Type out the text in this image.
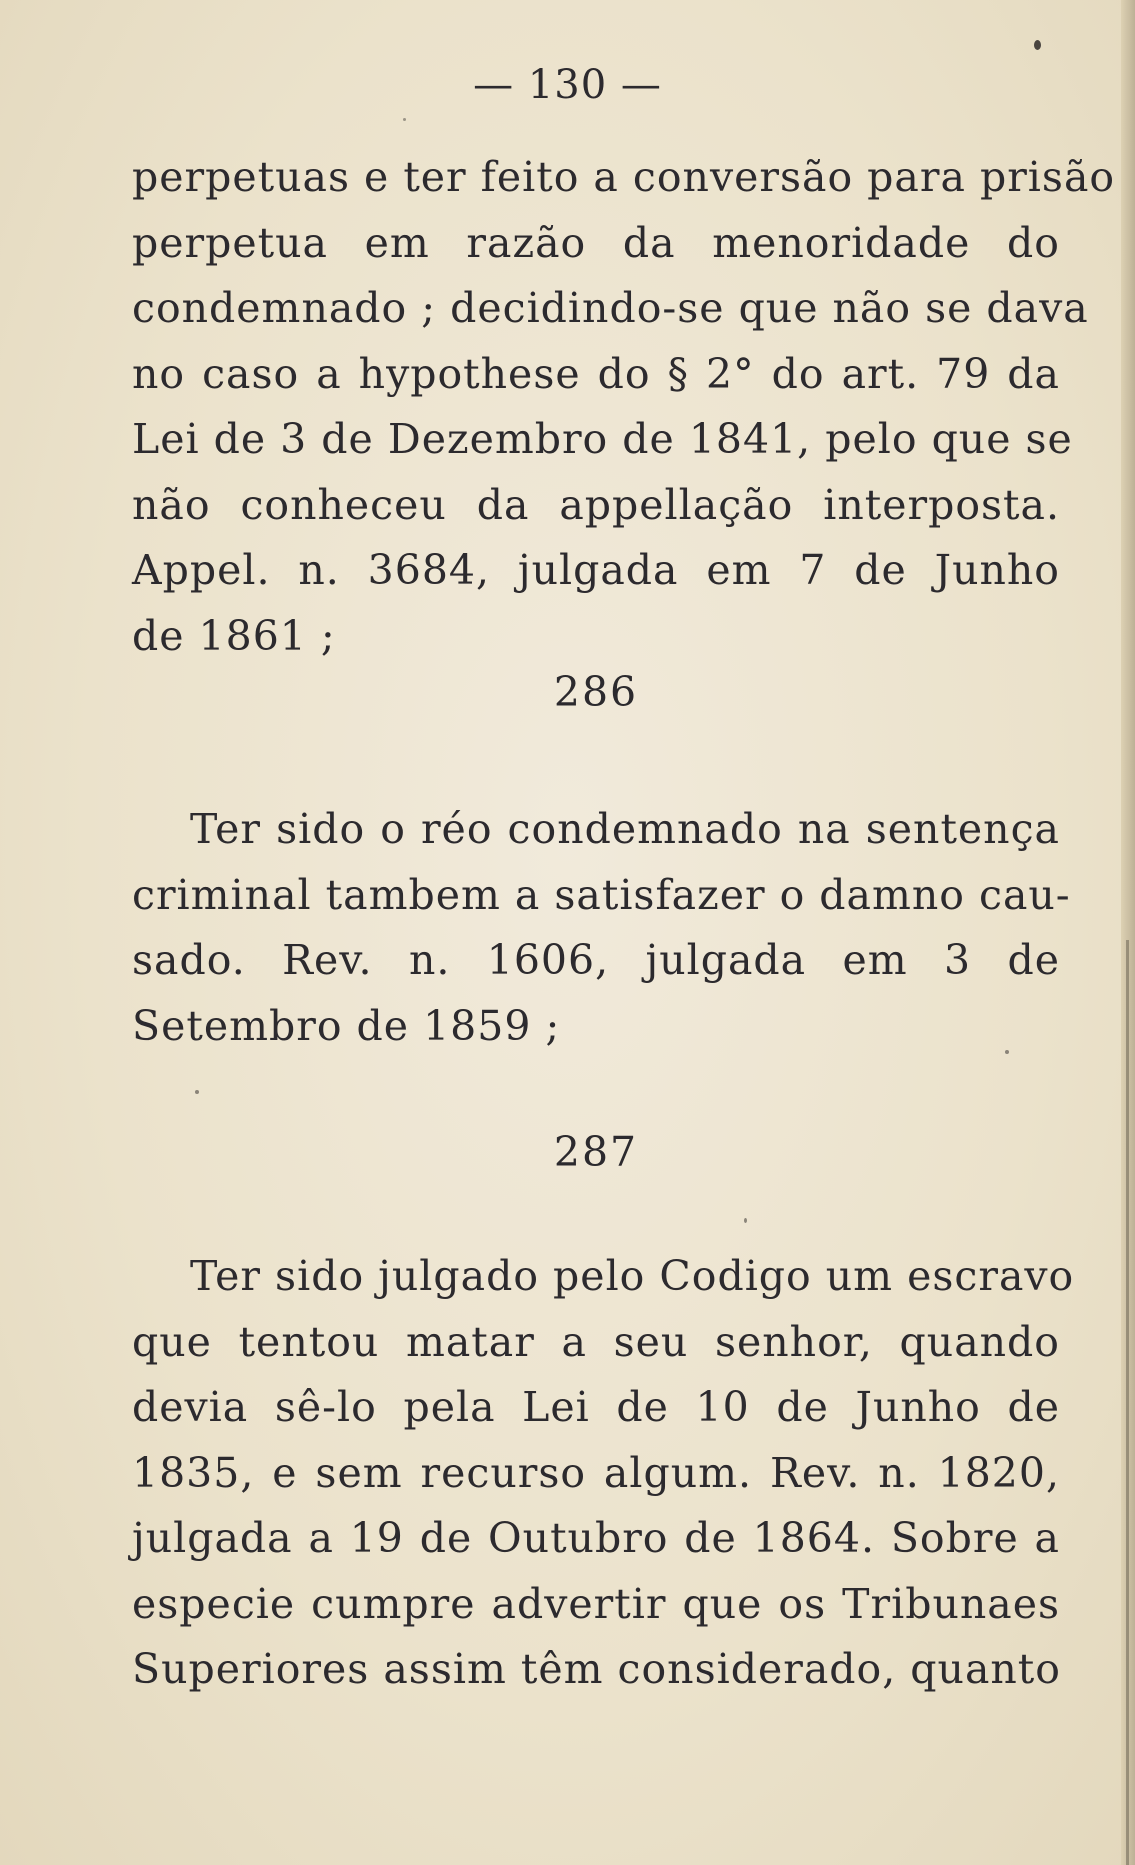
— 130 —
perpetuas e ter feito a conversão para prisão
perpetua em razão da menoridade do
condemnado ; decidindo-se que não se dava
no caso a hypothese do § 2° do art. 79 da
Lei de 3 de Dezembro de 1841, pelo que se
não conheceu da appellação interposta.
Appel. n. 3684, julgada em 7 de Junho
de 1861 ;
286
Ter sido o réo condemnado na sentença
criminal tambem a satisfazer o damno cau-
sado. Rev. n. 1606, julgada em 3 de
Setembro de 1859 ;
287
Ter sido julgado pelo Codigo um escravo
que tentou matar a seu senhor, quando
devia sê-lo pela Lei de 10 de Junho de
1835, e sem recurso algum. Rev. n. 1820,
julgada a 19 de Outubro de 1864. Sobre a
especie cumpre advertir que os Tribunaes
Superiores assim têm considerado, quanto
